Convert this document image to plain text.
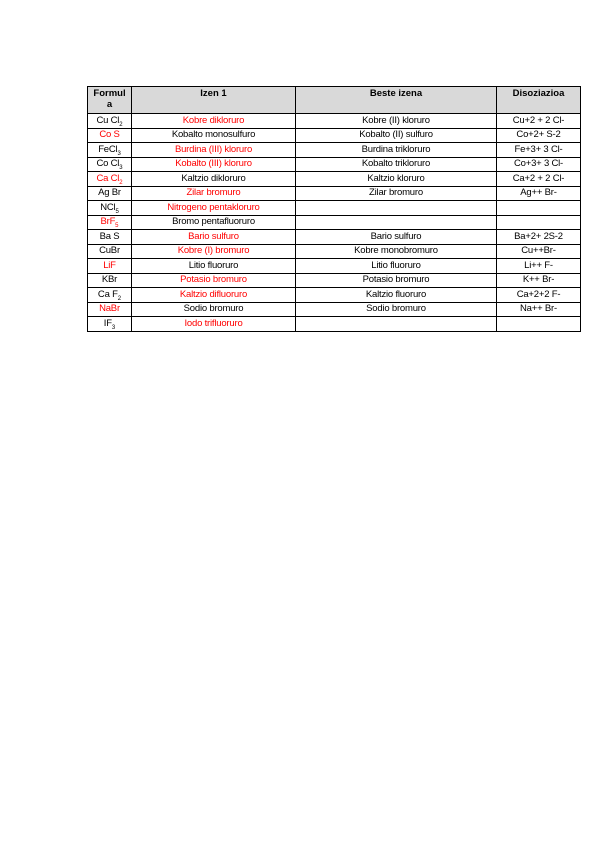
Formul
a	Izen 1	Beste izena	Disoziazioa
Cu $Cl_2$	Kobre dikloruro	Kobre (II) kloruro	Cu+2 + 2 Cl-
Co S	Kobalto monosulfuro	Kobalto (II) sulfuro	Co+2+ S-2
FeCl$_3$	Burdina (III) kloruro	Burdina trikloruro	Fe+3+ 3 Cl-
Co $Cl_3$	Kobalto (III) kloruro	Kobalto trikloruro	Co+3+ 3 Cl-
Ca $Cl_2$	Kaltzio dikloruro	Kaltzio kloruro	Ca+2 + 2 Cl-
Ag Br	Zilar bromuro	Zilar bromuro	Ag++ Br-
NCl$_5$	Nitrogeno pentakloruro		
BrF$_5$	Bromo pentafluoruro		
Ba S	Bario sulfuro	Bario sulfuro	Ba+2+ 2S-2
CuBr	Kobre (I) bromuro	Kobre monobromuro	Cu++Br-
LiF	Litio fluoruro	Litio fluoruro	Li++ F-
KBr	Potasio bromuro	Potasio bromuro	K++ Br-
Ca $F_2$	Kaltzio difluoruro	Kaltzio fluoruro	Ca+2+2 F-
NaBr	Sodio bromuro	Sodio bromuro	Na++ Br-
$IF_3$	Iodo trifluoruro		
